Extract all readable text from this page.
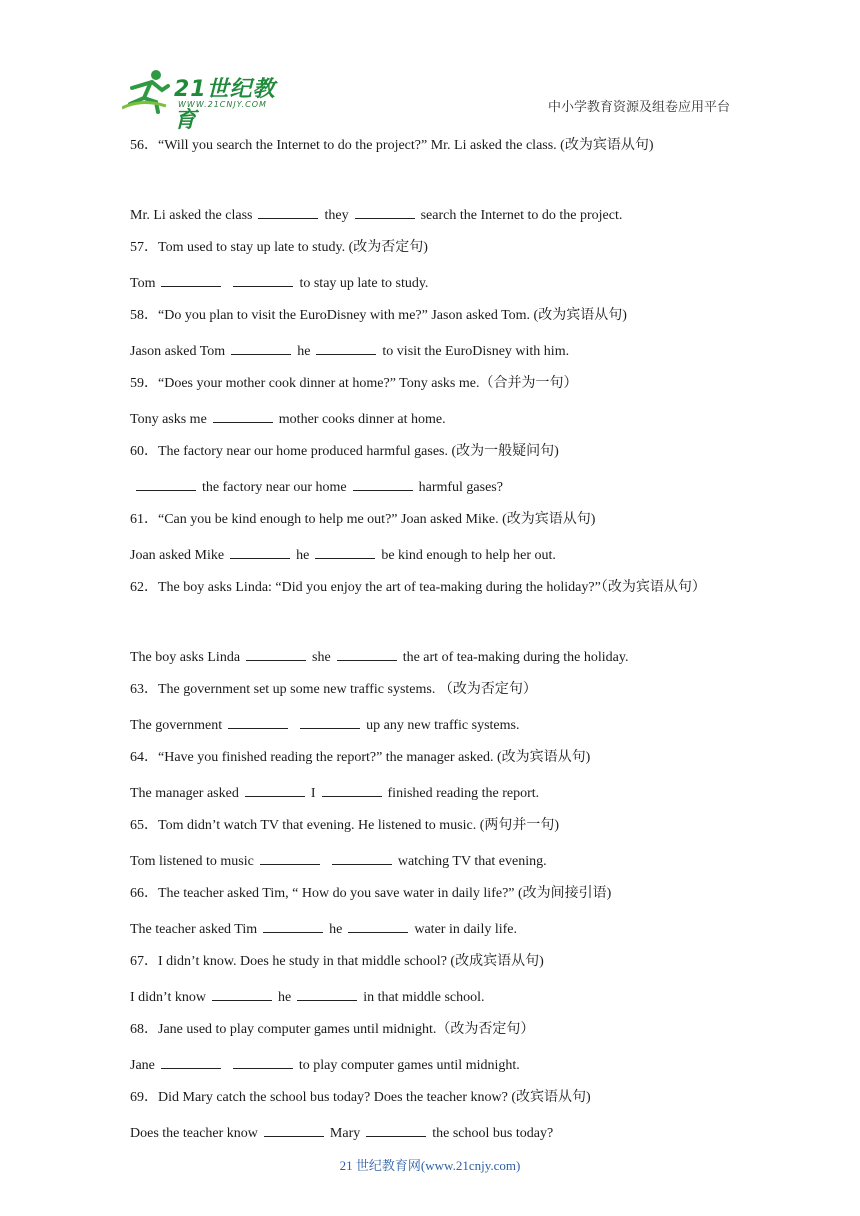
21世纪教育
WWW.21CNJY.COM	中小学教育资源及组卷应用平台
56．“Will you search the Internet to do the project?” Mr. Li asked the class. (改为宾语从句)
Mr. Li asked the class	they	search the Internet to do the project.
57．Tom used to stay up late to study. (改为否定句)
Tom	to stay up late to study.
58．“Do you plan to visit the EuroDisney with me?” Jason asked Tom. (改为宾语从句)
Jason asked Tom	he	to visit the EuroDisney with him.
59．“Does your mother cook dinner at home?” Tony asks me.（合并为一句）
Tony asks me	mother cooks dinner at home.
60．The factory near our home produced harmful gases. (改为一般疑问句)
the factory near our home	harmful gases?
61．“Can you be kind enough to help me out?” Joan asked Mike. (改为宾语从句)
Joan asked Mike	he	be kind enough to help her out.
62．The boy asks Linda: “Did you enjoy the art of tea-making during the holiday?”（改为宾语从句）
The boy asks Linda	she	the art of tea-making during the holiday.
63．The government set up some new traffic systems. （改为否定句）
The government	up any new traffic systems.
64．“Have you finished reading the report?” the manager asked. (改为宾语从句)
The manager asked	I	finished reading the report.
65．Tom didn’t watch TV that evening. He listened to music. (两句并一句)
Tom listened to music	watching TV that evening.
66．The teacher asked Tim, “ How do you save water in daily life?” (改为间接引语)
The teacher asked Tim	he	water in daily life.
67．I didn’t know. Does he study in that middle school? (改成宾语从句)
I didn’t know	he	in that middle school.
68．Jane used to play computer games until midnight.（改为否定句）
Jane	to play computer games until midnight.
69．Did Mary catch the school bus today? Does the teacher know? (改宾语从句)
Does the teacher know	Mary	the school bus today?
21 世纪教育网(www.21cnjy.com)
